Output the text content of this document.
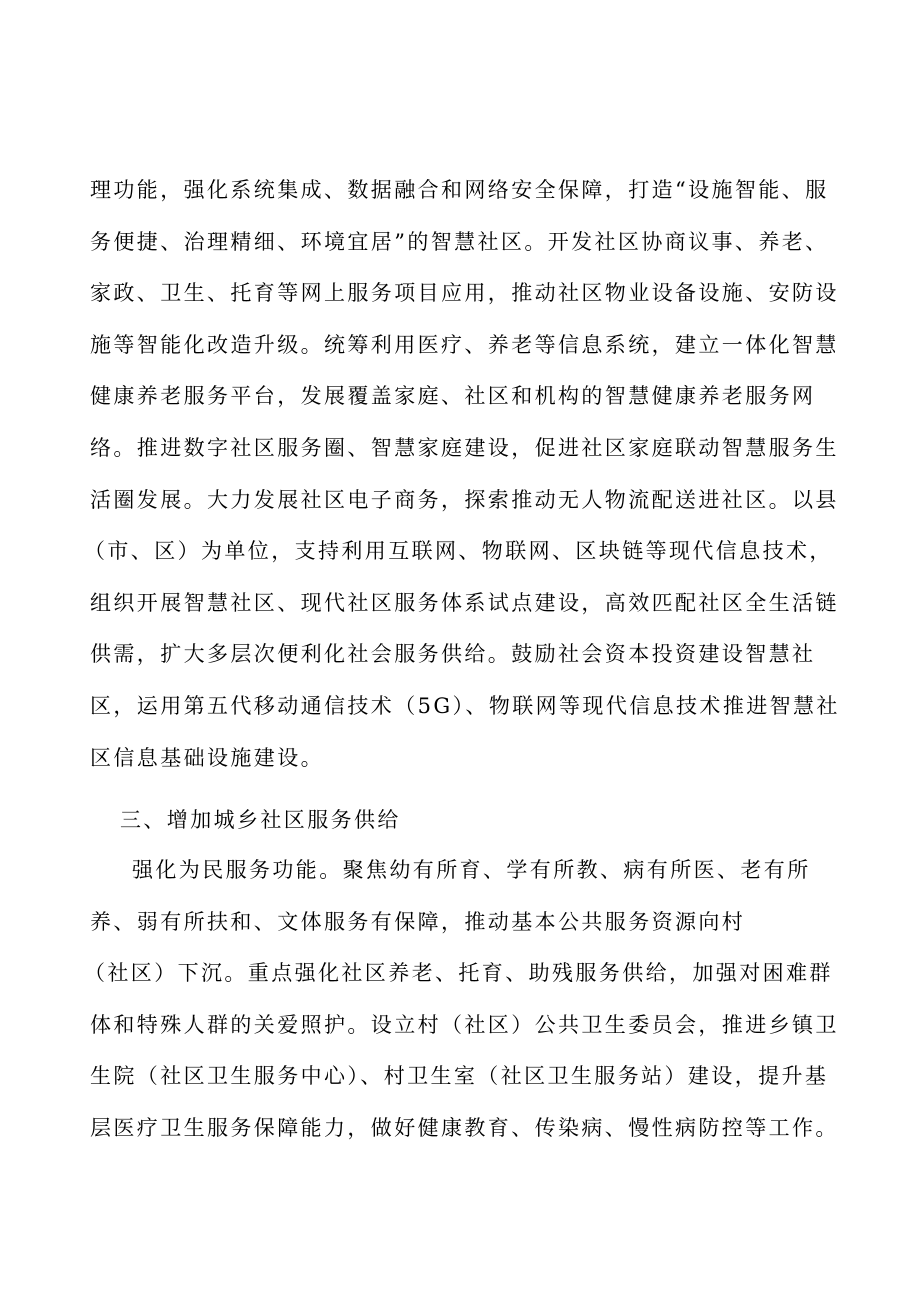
理功能，强化系统集成、数据融合和网络安全保障，打造“设施智能、服
务便捷、治理精细、环境宜居”的智慧社区。开发社区协商议事、养老、
家政、卫生、托育等网上服务项目应用，推动社区物业设备设施、安防设
施等智能化改造升级。统筹利用医疗、养老等信息系统，建立一体化智慧
健康养老服务平台，发展覆盖家庭、社区和机构的智慧健康养老服务网
络。推进数字社区服务圈、智慧家庭建设，促进社区家庭联动智慧服务生
活圈发展。大力发展社区电子商务，探索推动无人物流配送进社区。以县
（市、区）为单位，支持利用互联网、物联网、区块链等现代信息技术，
组织开展智慧社区、现代社区服务体系试点建设，高效匹配社区全生活链
供需，扩大多层次便利化社会服务供给。鼓励社会资本投资建设智慧社
区，运用第五代移动通信技术（5G）、物联网等现代信息技术推进智慧社
区信息基础设施建设。
三、增加城乡社区服务供给
强化为民服务功能。聚焦幼有所育、学有所教、病有所医、老有所
养、弱有所扶和、文体服务有保障，推动基本公共服务资源向村
（社区）下沉。重点强化社区养老、托育、助残服务供给，加强对困难群
体和特殊人群的关爱照护。设立村（社区）公共卫生委员会，推进乡镇卫
生院（社区卫生服务中心）、村卫生室（社区卫生服务站）建设，提升基
层医疗卫生服务保障能力，做好健康教育、传染病、慢性病防控等工作。
